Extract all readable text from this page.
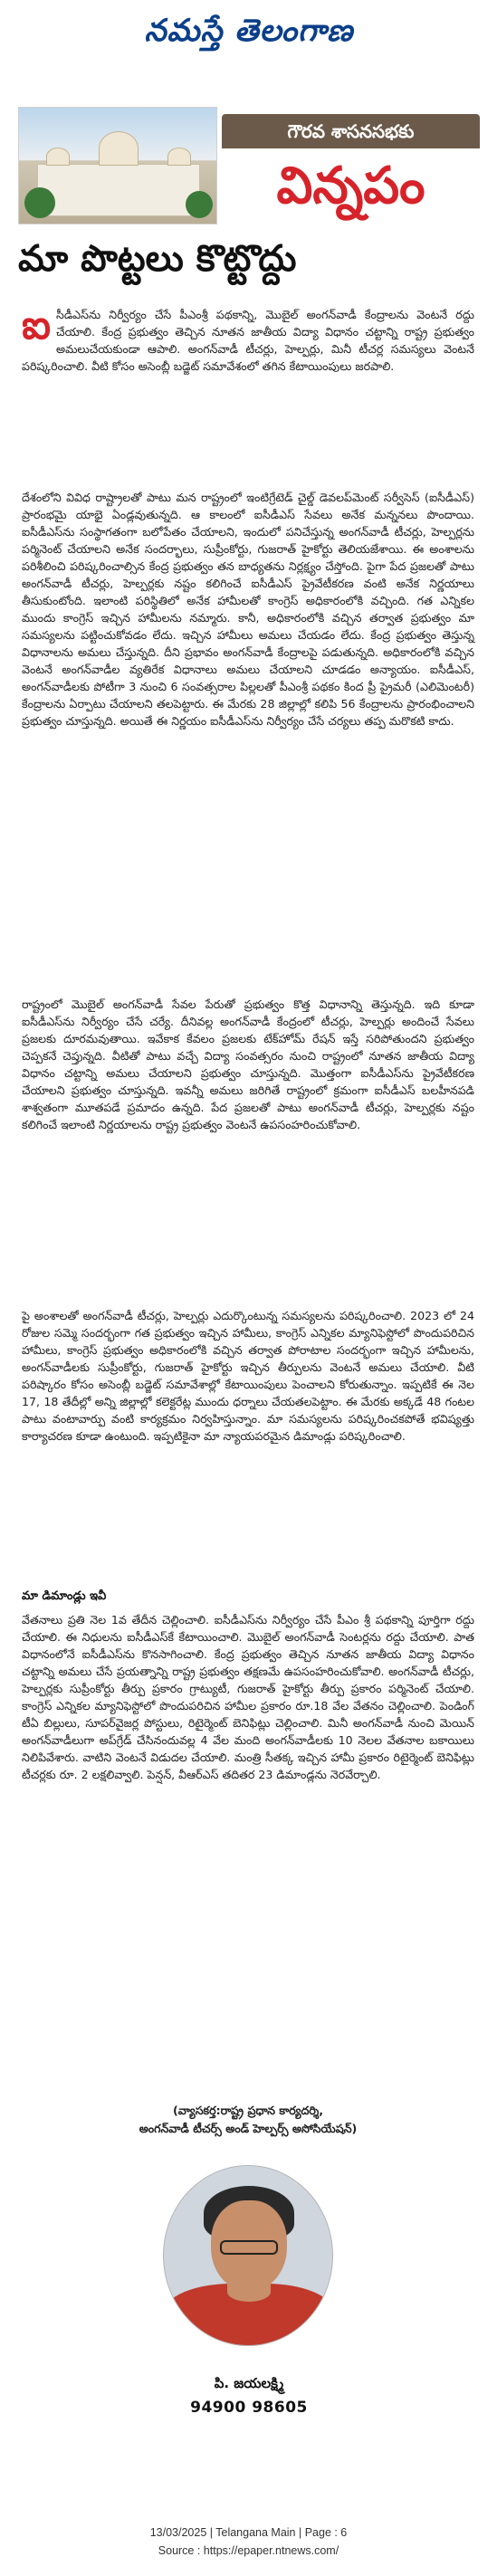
నమస్తే తెలంగాణ
గౌరవ శాసనసభకు
విన్నపం
మా పొట్టలు కొట్టొద్దు
ఐసీడీఎస్‌ను నిర్వీర్యం చేసే పీఎంశ్రీ పథకాన్ని, మొబైల్ అంగన్‌వాడీ కేంద్రాలను వెంటనే రద్దు చేయాలి. కేంద్ర ప్రభుత్వం తెచ్చిన నూతన జాతీయ విద్యా విధానం చట్టాన్ని రాష్ట్ర ప్రభుత్వం అమలుచేయకుండా ఆపాలి. అంగన్‌వాడీ టీచర్లు, హెల్పర్లు, మినీ టీచర్ల సమస్యలు వెంటనే పరిష్కరించాలి. వీటి కోసం అసెంబ్లీ బడ్జెట్ సమావేశంలో తగిన కేటాయింపులు జరపాలి.
దేశంలోని వివిధ రాష్ట్రాలతో పాటు మన రాష్ట్రంలో ఇంటిగ్రేటెడ్ చైల్డ్ డెవలప్‌మెంట్ సర్వీసెస్ (ఐసీడీఎస్) ప్రారంభమై యాభై ఏండ్లవుతున్నది. ఆ కాలంలో ఐసీడీఎస్ సేవలు అనేక మన్ననలు పొందాయి. ఐసీడీఎస్‌ను సంస్థాగతంగా బలోపేతం చేయాలని, ఇందులో పనిచేస్తున్న అంగన్‌వాడీ టీచర్లు, హెల్పర్లను పర్మినెంట్ చేయాలని అనేక సందర్భాలు, సుప్రీంకోర్టు, గుజరాత్ హైకోర్టు తెలియజేశాయి. ఈ అంశాలను పరిశీలించి పరిష్కరించాల్సిన కేంద్ర ప్రభుత్వం తన బాధ్యతను నిర్లక్ష్యం చేస్తోంది. పైగా పేద ప్రజలతో పాటు అంగన్‌వాడీ టీచర్లు, హెల్పర్లకు నష్టం కలిగించే ఐసీడీఎస్ ప్రైవేటీకరణ వంటి అనేక నిర్ణయాలు తీసుకుంటోంది. ఇలాంటి పరిస్థితిలో అనేక హామీలతో కాంగ్రెస్ అధికారంలోకి వచ్చింది. గత ఎన్నికల ముందు కాంగ్రెస్ ఇచ్చిన హామీలను నమ్మారు. కానీ, అధికారంలోకి వచ్చిన తర్వాత ప్రభుత్వం మా సమస్యలను పట్టించుకోవడం లేదు. ఇచ్చిన హామీలు అమలు చేయడం లేదు. కేంద్ర ప్రభుత్వం తెస్తున్న విధానాలను అమలు చేస్తున్నది. దీని ప్రభావం అంగన్‌వాడీ కేంద్రాలపై పడుతున్నది. అధికారంలోకి వచ్చిన వెంటనే అంగన్‌వాడీల వ్యతిరేక విధానాలు అమలు చేయాలని చూడడం అన్యాయం. ఐసీడీఎస్, అంగన్‌వాడీలకు పోటీగా 3 నుంచి 6 సంవత్సరాల పిల్లలతో పీఎంశ్రీ పథకం కింద ప్రీ ప్రైమరీ (ఎలిమెంటరీ) కేంద్రాలను ఏర్పాటు చేయాలని తలపెట్టారు. ఈ మేరకు 28 జిల్లాల్లో కలిపి 56 కేంద్రాలను ప్రారంభించాలని ప్రభుత్వం చూస్తున్నది. అయితే ఈ నిర్ణయం ఐసీడీఎస్‌ను నిర్వీర్యం చేసే చర్యలు తప్ప మరొకటి కాదు.
రాష్ట్రంలో మొబైల్ అంగన్‌వాడీ సేవల పేరుతో ప్రభుత్వం కొత్త విధానాన్ని తెస్తున్నది. ఇది కూడా ఐసీడీఎస్‌ను నిర్వీర్యం చేసే చర్యే. దీనివల్ల అంగన్‌వాడీ కేంద్రంలో టీచర్లు, హెల్పర్లు అందించే సేవలు ప్రజలకు దూరమవుతాయి. ఇవేకాక కేవలం ప్రజలకు టేక్‌హోమ్ రేషన్ ఇస్తే సరిపోతుందని ప్రభుత్వం చెప్పకనే చెప్తున్నది. వీటితో పాటు వచ్చే విద్యా సంవత్సరం నుంచి రాష్ట్రంలో నూతన జాతీయ విద్యా విధానం చట్టాన్ని అమలు చేయాలని ప్రభుత్వం చూస్తున్నది. మొత్తంగా ఐసీడీఎస్‌ను ప్రైవేటీకరణ చేయాలని ప్రభుత్వం చూస్తున్నది. ఇవన్నీ అమలు జరిగితే రాష్ట్రంలో క్రమంగా ఐసీడీఎస్ బలహీనపడి శాశ్వతంగా మూతపడే ప్రమాదం ఉన్నది. పేద ప్రజలతో పాటు అంగన్‌వాడీ టీచర్లు, హెల్పర్లకు నష్టం కలిగించే ఇలాంటి నిర్ణయాలను రాష్ట్ర ప్రభుత్వం వెంటనే ఉపసంహరించుకోవాలి.
పై అంశాలతో అంగన్‌వాడీ టీచర్లు, హెల్పర్లు ఎదుర్కొంటున్న సమస్యలను పరిష్కరించాలి. 2023 లో 24 రోజుల సమ్మె సందర్భంగా గత ప్రభుత్వం ఇచ్చిన హామీలు, కాంగ్రెస్ ఎన్నికల మ్యానిఫెస్టోలో పొందుపరిచిన హామీలు, కాంగ్రెస్ ప్రభుత్వం అధికారంలోకి వచ్చిన తర్వాత పోరాటాల సందర్భంగా ఇచ్చిన హామీలను, అంగన్‌వాడీలకు సుప్రీంకోర్టు, గుజరాత్ హైకోర్టు ఇచ్చిన తీర్పులను వెంటనే అమలు చేయాలి. వీటి పరిష్కారం కోసం అసెంబ్లీ బడ్జెట్ సమావేశాల్లో కేటాయింపులు పెంచాలని కోరుతున్నాం. ఇప్పటికే ఈ నెల 17, 18 తేదీల్లో అన్ని జిల్లాల్లో కలెక్టరేట్ల ముందు ధర్నాలు చేయతలపెట్టాం. ఈ మేరకు అక్కడే 48 గంటల పాటు వంటావార్పు వంటి కార్యక్రమం నిర్వహిస్తున్నాం. మా సమస్యలను పరిష్కరించకపోతే భవిష్యత్తు కార్యాచరణ కూడా ఉంటుంది. ఇప్పటికైనా మా న్యాయపరమైన డిమాండ్లు పరిష్కరించాలి.
మా డిమాండ్లు ఇవీ
వేతనాలు ప్రతి నెల 1వ తేదీన చెల్లించాలి. ఐసీడీఎస్‌ను నిర్వీర్యం చేసే పీఎం శ్రీ పథకాన్ని పూర్తిగా రద్దు చేయాలి. ఈ నిధులను ఐసీడీఎస్‌కే కేటాయించాలి. మొబైల్ అంగన్‌వాడీ సెంటర్లను రద్దు చేయాలి. పాత విధానంలోనే ఐసీడీఎస్‌ను కొనసాగించాలి. కేంద్ర ప్రభుత్వం తెచ్చిన నూతన జాతీయ విద్యా విధానం చట్టాన్ని అమలు చేసే ప్రయత్నాన్ని రాష్ట్ర ప్రభుత్వం తక్షణమే ఉపసంహరించుకోవాలి. అంగన్‌వాడీ టీచర్లు, హెల్పర్లకు సుప్రీంకోర్టు తీర్పు ప్రకారం గ్రాట్యుటీ, గుజరాత్ హైకోర్టు తీర్పు ప్రకారం పర్మినెంట్ చేయాలి. కాంగ్రెస్ ఎన్నికల మ్యానిఫెస్టోలో పొందుపరిచిన హామీల ప్రకారం రూ.18 వేల వేతనం చెల్లించాలి. పెండింగ్ టీఏ బిల్లులు, సూపర్‌వైజర్ల పోస్టులు, రిటైర్మెంట్ బెనిఫిట్లు చెల్లించాలి. మినీ అంగన్‌వాడీ నుంచి మెయిన్ అంగన్‌వాడీలుగా అప్‌గ్రేడ్ చేసినందువల్ల 4 వేల మంది అంగన్‌వాడీలకు 10 నెలల వేతనాల బకాయిలు నిలిపివేశారు. వాటిని వెంటనే విడుదల చేయాలి. మంత్రి సీతక్క ఇచ్చిన హామీ ప్రకారం రిటైర్మెంట్ బెనిఫిట్లు టీచర్లకు రూ. 2 లక్షలివ్వాలి. పెన్షన్, వీఆర్‌ఎస్ తదితర 23 డిమాండ్లను నెరవేర్చాలి.
(వ్యాసకర్త:రాష్ట్ర ప్రధాన కార్యదర్శి,
అంగన్‌వాడీ టీచర్స్ అండ్ హెల్పర్స్ అసోసియేషన్)
పి. జయలక్ష్మి
94900 98605
13/03/2025 | Telangana Main | Page : 6
Source : https://epaper.ntnews.com/
